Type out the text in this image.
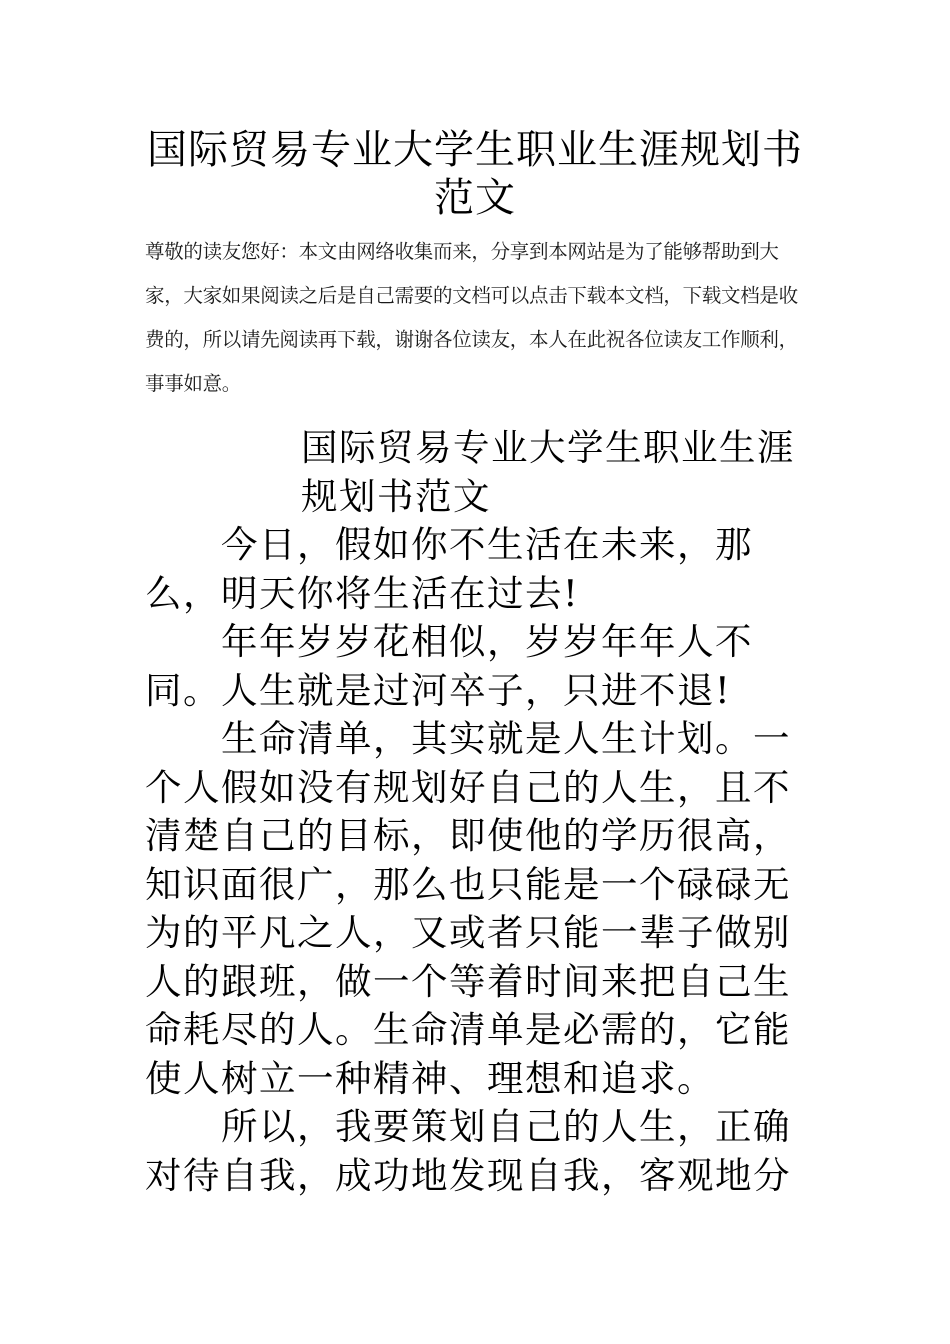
国际贸易专业大学生职业生涯规划书范文

尊敬的读友您好：本文由网络收集而来，分享到本网站是为了能够帮助到大家，大家如果阅读之后是自己需要的文档可以点击下载本文档，下载文档是收费的，所以请先阅读再下载，谢谢各位读友，本人在此祝各位读友工作顺利，事事如意。

国际贸易专业大学生职业生涯规划书范文

今日，假如你不生活在未来，那么，明天你将生活在过去!

年年岁岁花相似，岁岁年年人不同。人生就是过河卒子，只进不退!

生命清单，其实就是人生计划。一个人假如没有规划好自己的人生，且不清楚自己的目标，即使他的学历很高，知识面很广，那么也只能是一个碌碌无为的平凡之人，又或者只能一辈子做别人的跟班，做一个等着时间来把自己生命耗尽的人。生命清单是必需的，它能使人树立一种精神、理想和追求。

所以，我要策划自己的人生，正确对待自我，成功地发现自我，客观地分
